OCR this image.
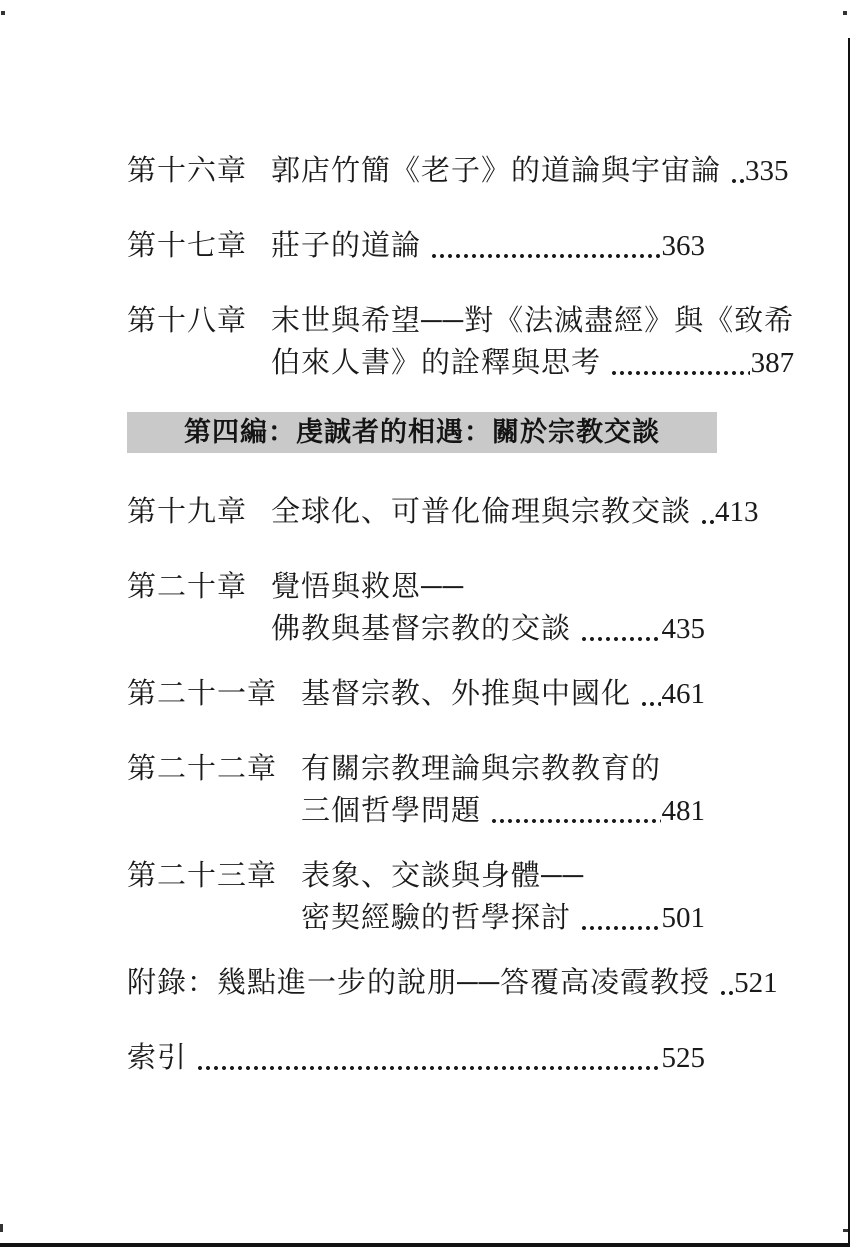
第十六章 郭店竹簡《老子》的道論與宇宙論 335
第十七章 莊子的道論	363
第十八章 末世與希望──對《法滅盡經》與《致希
伯來人書》的詮釋與思考	387
第四編：虔誠者的相遇：關於宗教交談
第十九章 全球化、可普化倫理與宗教交談 413
第二十章 覺悟與救恩──
佛教與基督宗教的交談	435
第二十一章 基督宗教、外推與中國化 461
第二十二章 有關宗教理論與宗教教育的
三個哲學問題	481
第二十三章 表象、交談與身體──
密契經驗的哲學探討	501
附錄：幾點進一步的說朋──答覆高凌霞教授 521
索引	525
